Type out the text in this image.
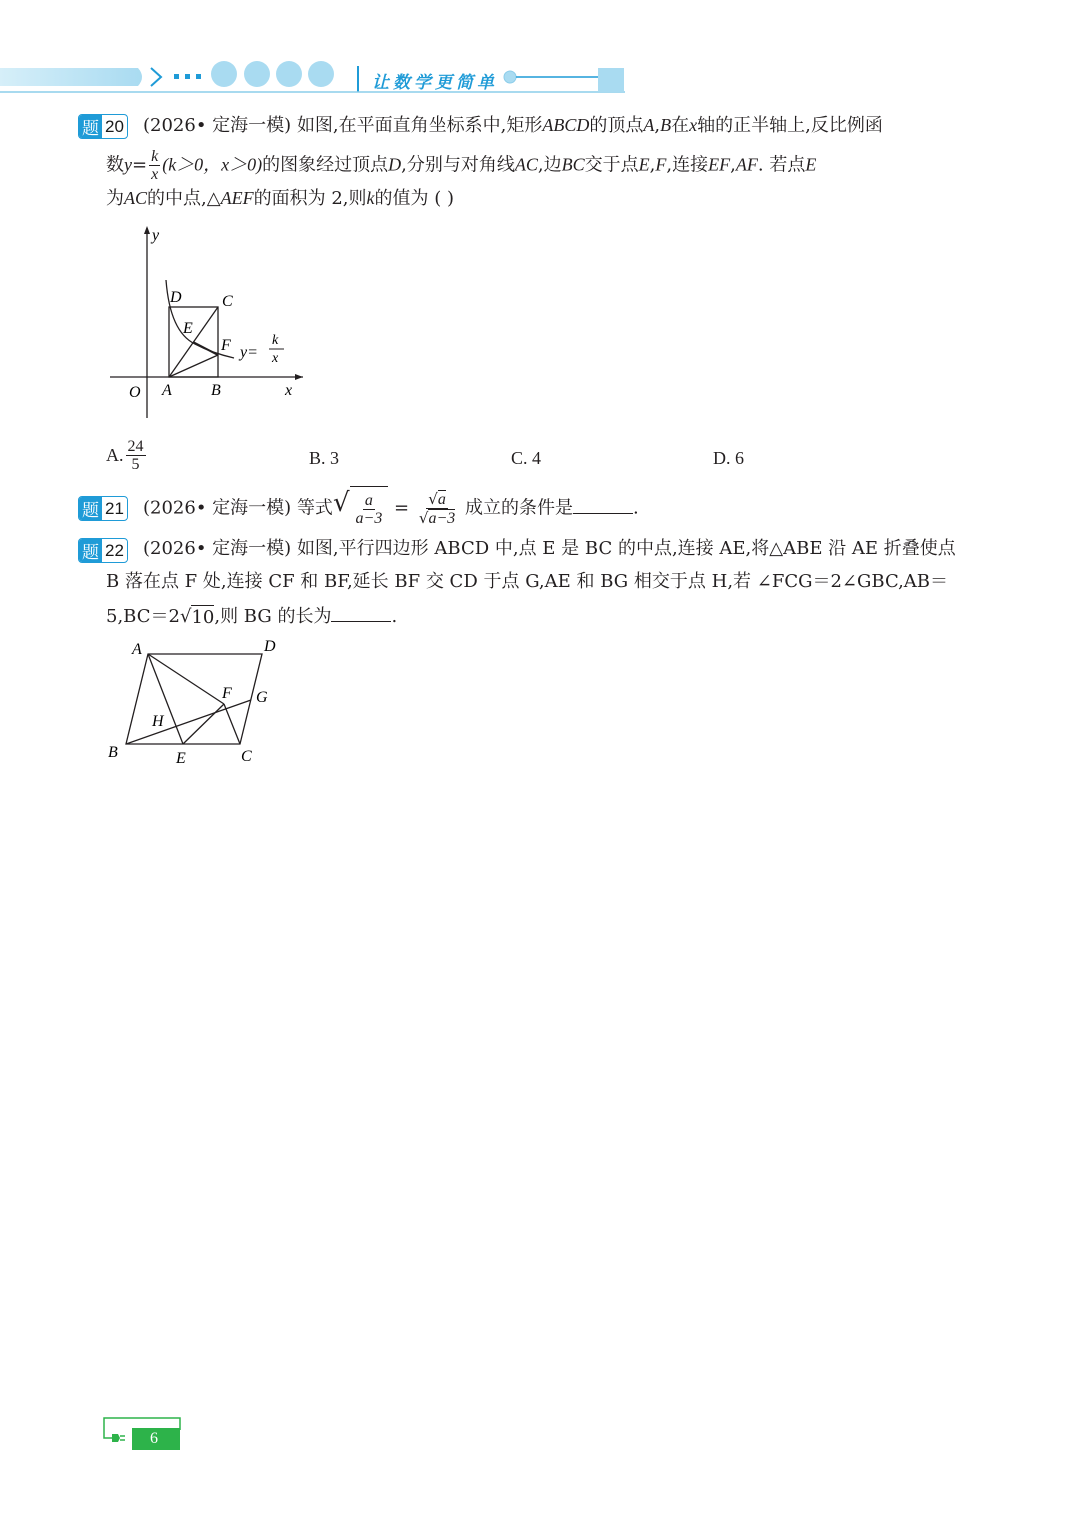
让数学更简单
题 20 (2026• 定海一模) 如图,在平面直角坐标系中,矩形ABCD的顶点A,B在x轴的正半轴上,反比例函
数$y= \frac{k}{x} (k>0$，x＞0)的图象经过顶点D,分别与对角线AC,边BC交于点E,F,连接EF,AF. 若点E
为AC的中点,△AEF的面积为 2,则k的值为 ( )
y
x
O A B
C
D
E
F y=
k
x
A. $\frac{24}{5}$	B. 3	C. 4	D. 6
题 21 (2026• 定海一模) 等式 √ $\frac{a}{a-3} = \frac{√a}{√a-3}$ 成立的条件是	.
题 22 (2026• 定海一模) 如图,平行四边形 ABCD 中,点 E 是 BC 的中点,连接 AE,将△ABE 沿 AE 折叠使点
B 落在点 F 处,连接 CF 和 BF,延长 BF 交 CD 于点 G,AE 和 BG 相交于点 H,若 ∠FCG＝2∠GBC,AB＝
5,BC＝2 √ 10 ,则 BG 的长为	.
A	D
B	E	C
F G
H
6
